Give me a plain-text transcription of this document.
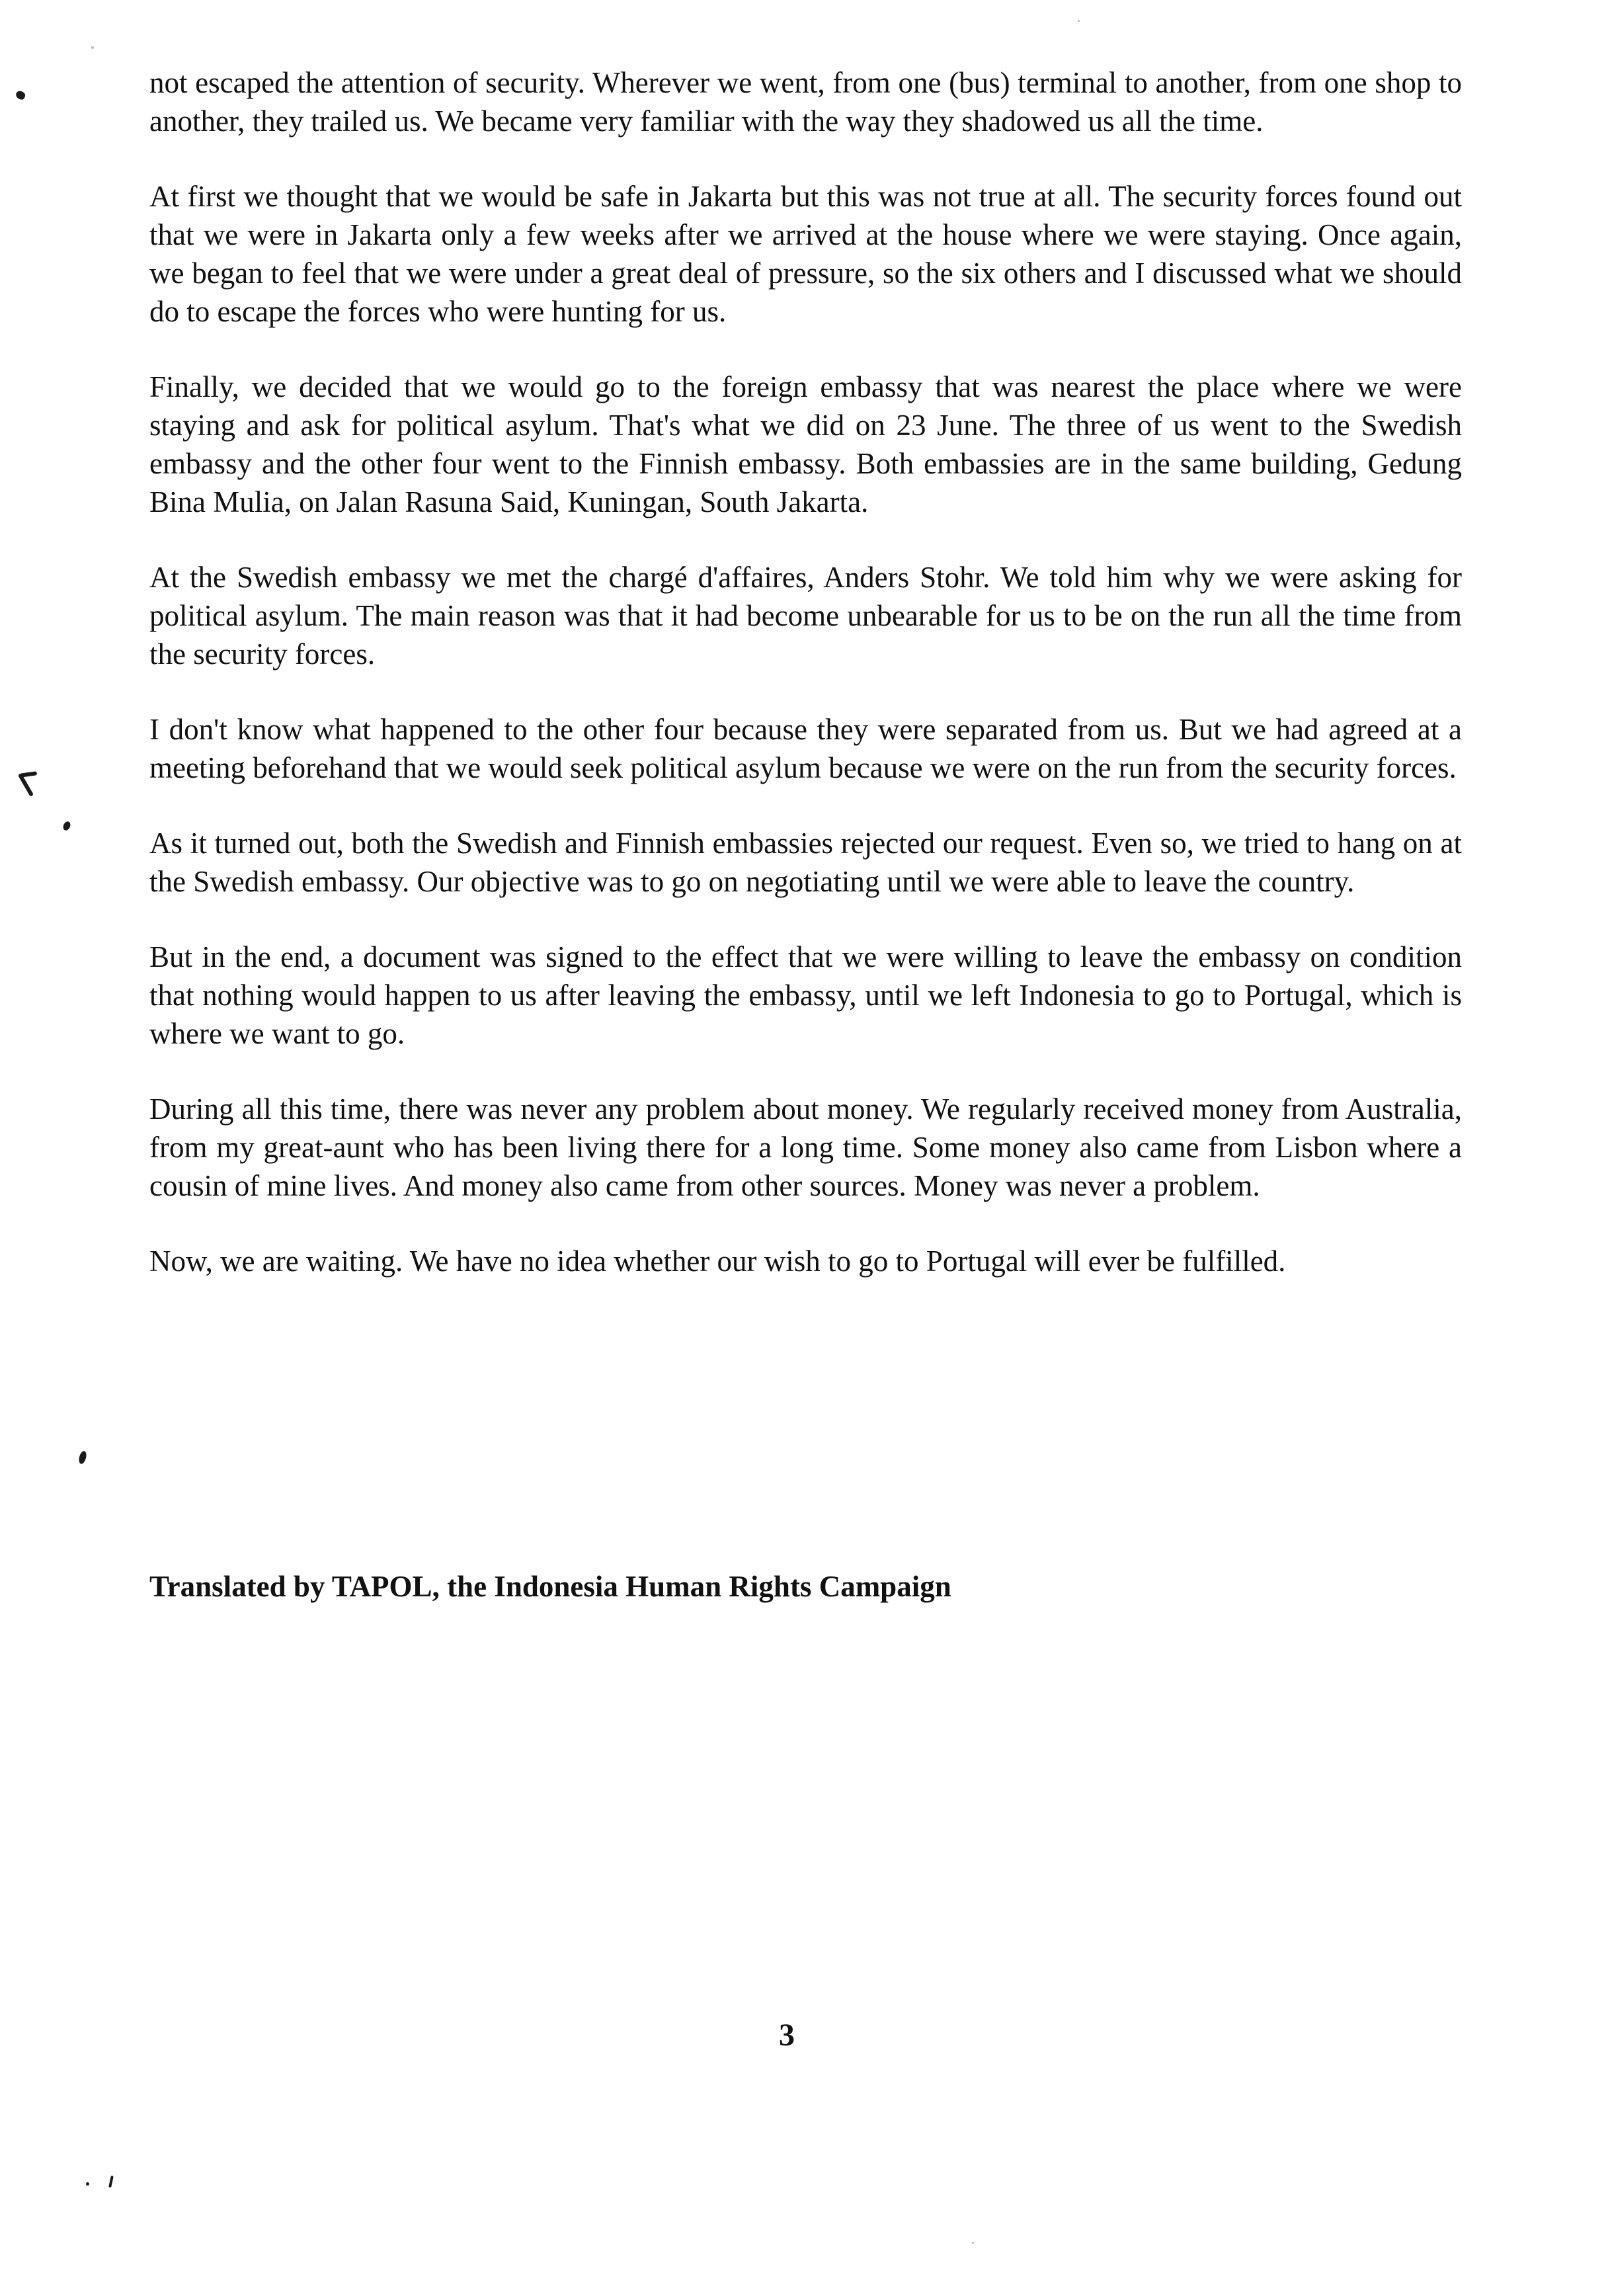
not escaped the attention of security. Wherever we went, from one (bus) terminal to another, from one shop to another, they trailed us. We became very familiar with the way they shadowed us all the time.

At first we thought that we would be safe in Jakarta but this was not true at all. The security forces found out that we were in Jakarta only a few weeks after we arrived at the house where we were staying. Once again, we began to feel that we were under a great deal of pressure, so the six others and I discussed what we should do to escape the forces who were hunting for us.

Finally, we decided that we would go to the foreign embassy that was nearest the place where we were staying and ask for political asylum. That's what we did on 23 June. The three of us went to the Swedish embassy and the other four went to the Finnish embassy. Both embassies are in the same building, Gedung Bina Mulia, on Jalan Rasuna Said, Kuningan, South Jakarta.

At the Swedish embassy we met the chargé d'affaires, Anders Stohr. We told him why we were asking for political asylum. The main reason was that it had become unbearable for us to be on the run all the time from the security forces.

I don't know what happened to the other four because they were separated from us. But we had agreed at a meeting beforehand that we would seek political asylum because we were on the run from the security forces.

As it turned out, both the Swedish and Finnish embassies rejected our request. Even so, we tried to hang on at the Swedish embassy. Our objective was to go on negotiating until we were able to leave the country.

But in the end, a document was signed to the effect that we were willing to leave the embassy on condition that nothing would happen to us after leaving the embassy, until we left Indonesia to go to Portugal, which is where we want to go.

During all this time, there was never any problem about money. We regularly received money from Australia, from my great-aunt who has been living there for a long time. Some money also came from Lisbon where a cousin of mine lives. And money also came from other sources. Money was never a problem.

Now, we are waiting. We have no idea whether our wish to go to Portugal will ever be fulfilled.

Translated by TAPOL, the Indonesia Human Rights Campaign

3
